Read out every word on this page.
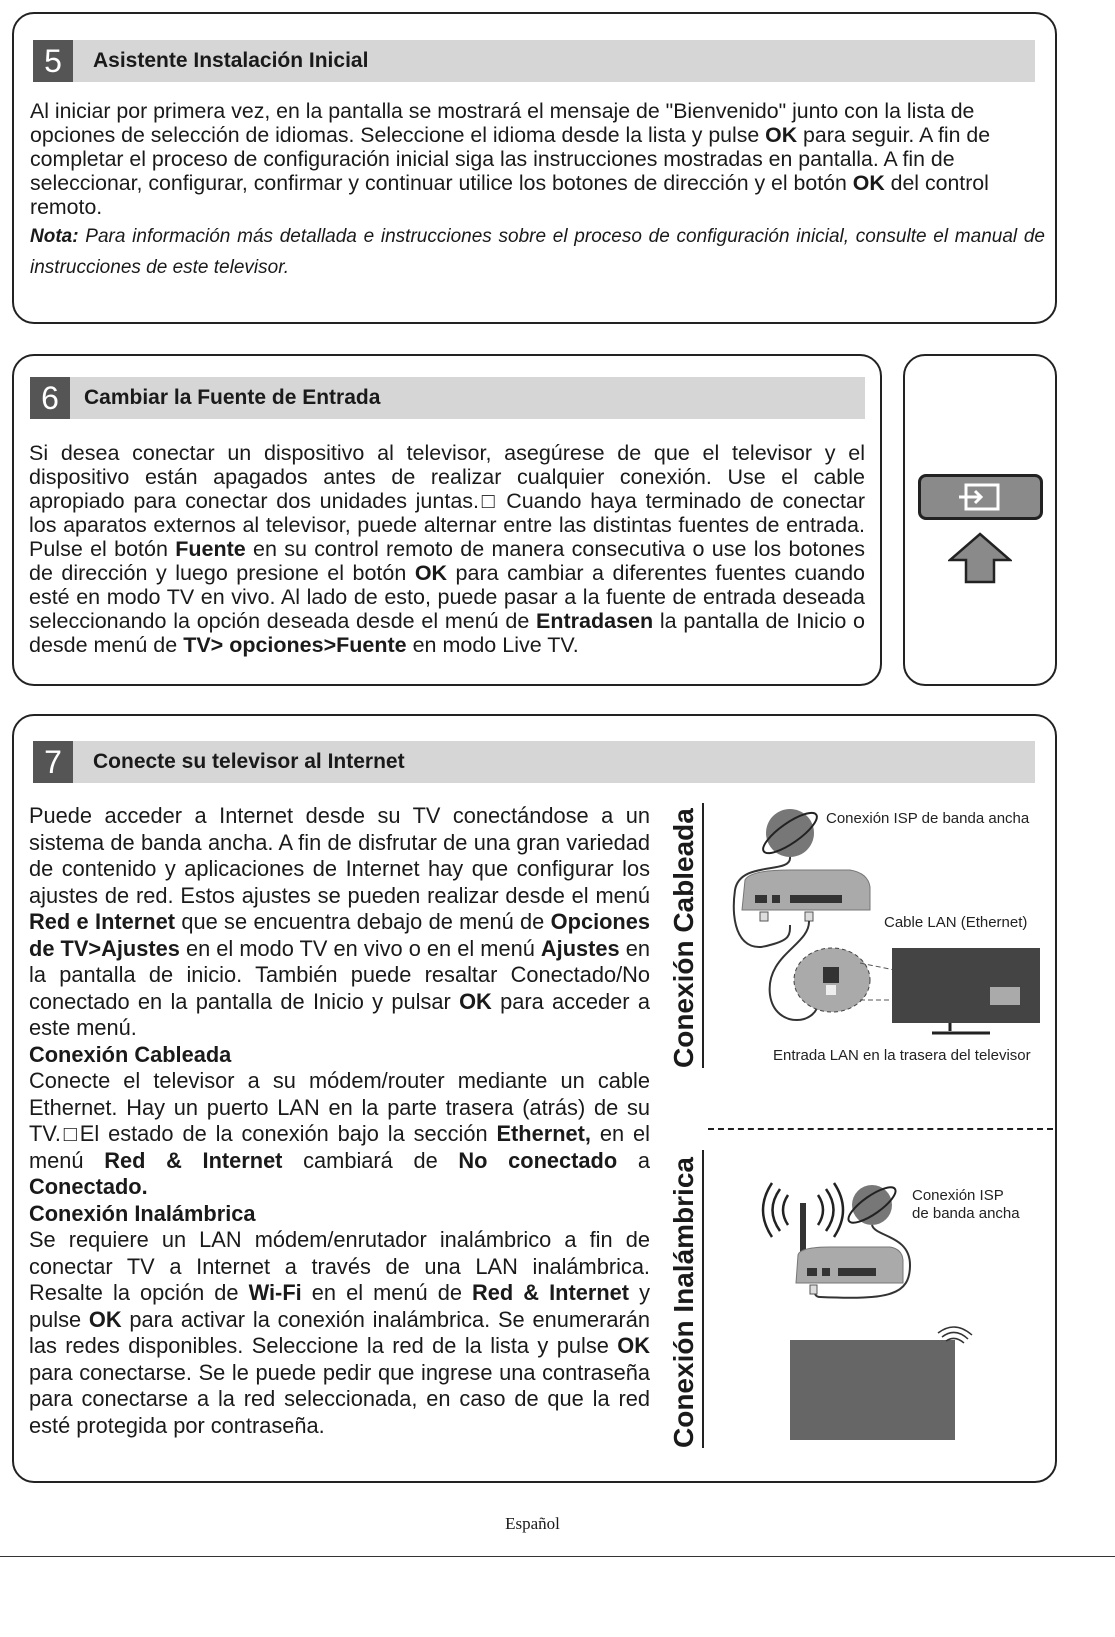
5	Asistente Instalación Inicial

Al iniciar por primera vez, en la pantalla se mostrará el mensaje de "Bienvenido" junto con la lista de opciones de selección de idiomas. Seleccione el idioma desde la lista y pulse OK para seguir. A fin de completar el proceso de configuración inicial siga las instrucciones mostradas en pantalla. A fin de seleccionar, configurar, confirmar y continuar utilice los botones de dirección y el botón OK del control remoto.

Nota: Para información más detallada e instrucciones sobre el proceso de configuración inicial, consulte el manual de instrucciones de este televisor.

6	Cambiar la Fuente de Entrada

Si desea conectar un dispositivo al televisor, asegúrese de que el televisor y el dispositivo están apagados antes de realizar cualquier conexión. Use el cable apropiado para conectar dos unidades juntas.□ Cuando haya terminado de conectar los aparatos externos al televisor, puede alternar entre las distintas fuentes de entrada. Pulse el botón Fuente en su control remoto de manera consecutiva o use los botones de dirección y luego presione el botón OK para cambiar a diferentes fuentes cuando esté en modo TV en vivo. Al lado de esto, puede pasar a la fuente de entrada deseada seleccionando la opción deseada desde el menú de Entradasen la pantalla de Inicio o desde menú de TV> opciones>Fuente en modo Live TV.

7	Conecte su televisor al Internet

Puede acceder a Internet desde su TV conectándose a un sistema de banda ancha. A fin de disfrutar de una gran variedad de contenido y aplicaciones de Internet hay que configurar los ajustes de red. Estos ajustes se pueden realizar desde el menú Red e Internet que se encuentra debajo de menú de Opciones de TV>Ajustes en el modo TV en vivo o en el menú Ajustes en la pantalla de inicio. También puede resaltar Conectado/No conectado en la pantalla de Inicio y pulsar OK para acceder a este menú.

Conexión Cableada

Conecte el televisor a su módem/router mediante un cable Ethernet. Hay un puerto LAN en la parte trasera (atrás) de su TV.□El estado de la conexión bajo la sección Ethernet, en el menú Red & Internet cambiará de No conectado a Conectado.

Conexión Inalámbrica

Se requiere un LAN módem/enrutador inalámbrico a fin de conectar TV a Internet a través de una LAN inalámbrica. Resalte la opción de Wi-Fi en el menú de Red & Internet y pulse OK para activar la conexión inalámbrica. Se enumerarán las redes disponibles. Seleccione la red de la lista y pulse OK para conectarse. Se le puede pedir que ingrese una contraseña para conectarse a la red seleccionada, en caso de que la red esté protegida por contraseña.

Conexión Cableada
Conexión Inalámbrica
Conexión ISP de banda ancha
Cable LAN (Ethernet)
Entrada LAN en la trasera del televisor
Conexión ISP
de banda ancha
Español
